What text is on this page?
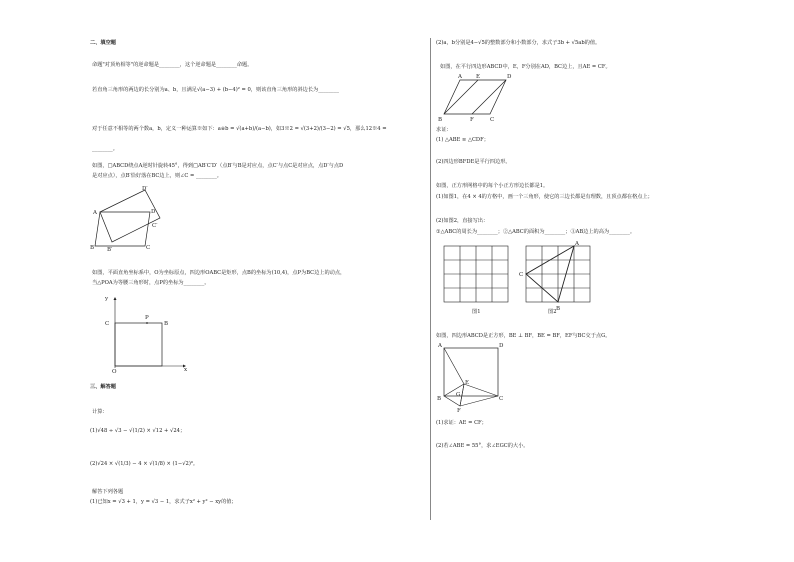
二、填空题
命题"对顶角相等"的逆命题是________，这个逆命题是________命题。
若直角三角形的两边的长分别为a、b，且满足√(a−3) + (b−4)² = 0，则该直角三角形的斜边长为________
对于任意不相等的两个数a，b，定义一种运算※如下：a※b = √(a+b)/(a−b)，如3※2 = √(3+2)/(3−2) = √5，那么12※4 =
________。
如图，□ABCD绕点A逆时针旋转45°，得到□AB′C′D′（点B′与B是对应点，点C′与点C是对应点，点D′与点D
是对应点），点B′恰好落在BC边上，则∠C = ________。
A
B B′	C
C′
D
D′
如图，平面直角坐标系中，O为坐标原点，四边形OABC是矩形，点B的坐标为(10,4)，点P为BC边上的动点，
当△POA为等腰三角形时，点P的坐标为________。
y
x
O
C
P
B
三、解答题
计算：
(1)√48 ÷ √3 − √(1/2) × √12 + √24；
(2)√24 × √(1/3) − 4 × √(1/8) × (1−√2)⁰。
解答下列各题
(1)已知x = √3 + 1，y = √3 − 1，求式子x² + y² − xy的值；
(2)a，b分别是4−√5的整数部分和小数部分，求式子3b + √5ab的值。
如图，在平行四边形ABCD中，E，F分别在AD，BC边上，且AE = CF。
A	E	D
B	F	C
求证：
(1) △ABE ≌ △CDF；
(2)四边形BFDE是平行四边形。
如图，正方形网格中的每个小正方形边长都是1。
(1)如图1，在4 × 4的方格中，画一个三角形，使它的三边长都是有理数，且顶点都在格点上；
(2)如图2，直接写出：
①△ABC的周长为________；②△ABC的面积为________；③AB边上的高为________。
图1
A
C
B
图2
如图，四边形ABCD是正方形，BE ⊥ BF，BE = BF，EF与BC交于点G。
A	D
E
G
B	C
F
(1)求证：AE = CF；
(2)若∠ABE = 55°，求∠EGC的大小。
